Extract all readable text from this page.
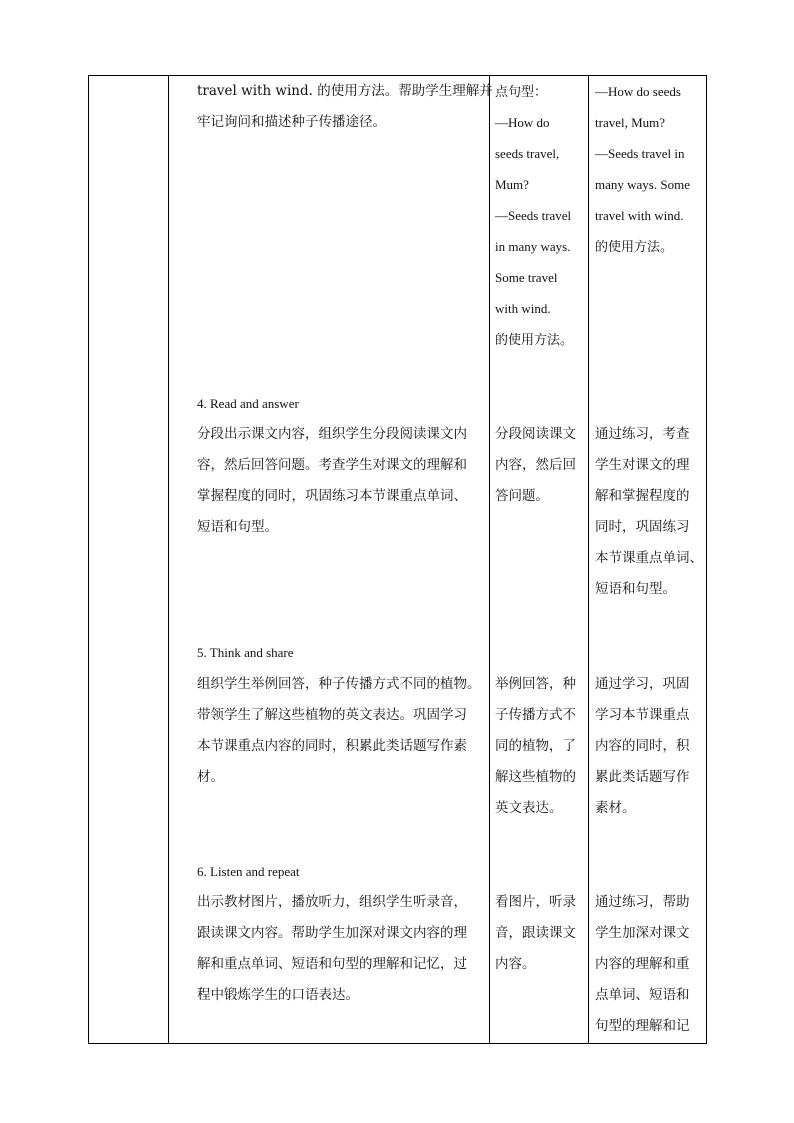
travel with wind. 的使用方法。帮助学生理解并
牢记询问和描述种子传播途径。
点句型：
—How do
seeds travel,
Mum?
—Seeds travel
in many ways.
Some travel
with wind.
的使用方法。
—How do seeds
travel, Mum?
—Seeds travel in
many ways. Some
travel with wind.
的使用方法。
4. Read and answer
分段出示课文内容，组织学生分段阅读课文内
容，然后回答问题。考查学生对课文的理解和
掌握程度的同时，巩固练习本节课重点单词、
短语和句型。
分段阅读课文
内容，然后回
答问题。
通过练习，考查
学生对课文的理
解和掌握程度的
同时，巩固练习
本节课重点单词、
短语和句型。
5. Think and share
组织学生举例回答，种子传播方式不同的植物。
带领学生了解这些植物的英文表达。巩固学习
本节课重点内容的同时，积累此类话题写作素
材。
举例回答，种
子传播方式不
同的植物，了
解这些植物的
英文表达。
通过学习，巩固
学习本节课重点
内容的同时，积
累此类话题写作
素材。
6. Listen and repeat
出示教材图片，播放听力，组织学生听录音，
跟读课文内容。帮助学生加深对课文内容的理
解和重点单词、短语和句型的理解和记忆，过
程中锻炼学生的口语表达。
看图片，听录
音，跟读课文
内容。
通过练习，帮助
学生加深对课文
内容的理解和重
点单词、短语和
句型的理解和记
